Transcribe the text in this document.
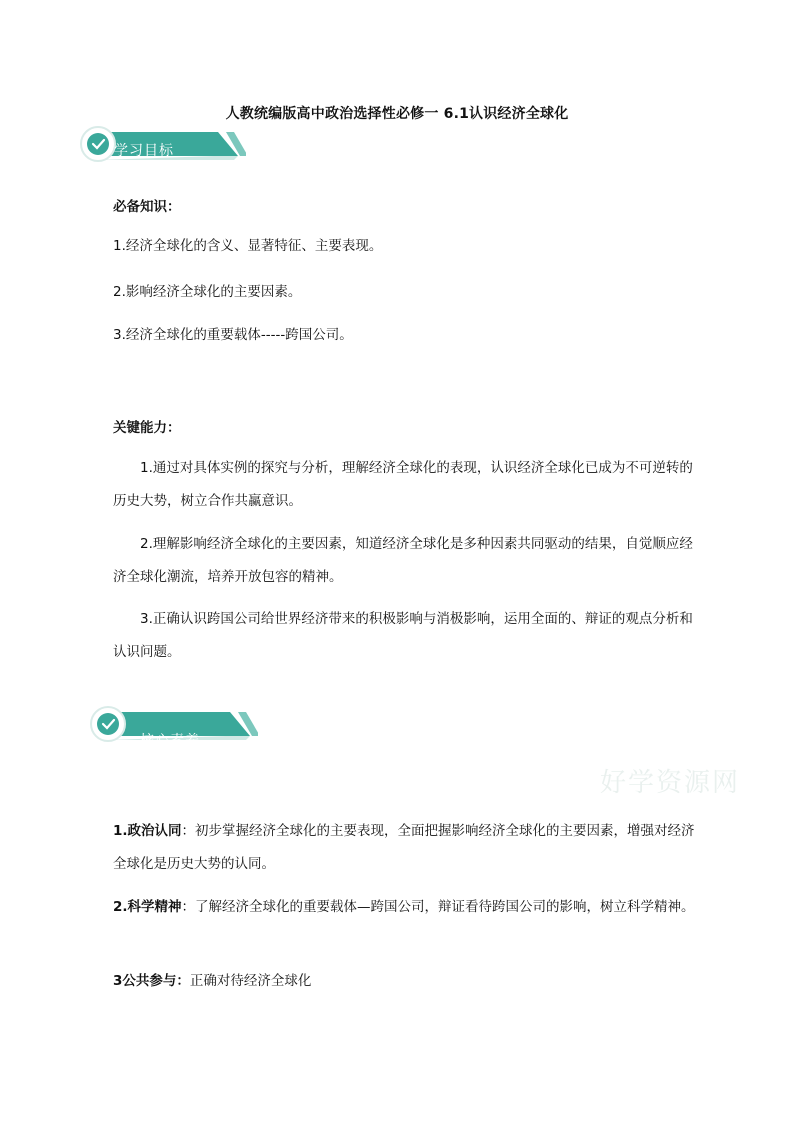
人教统编版高中政治选择性必修一 6.1认识经济全球化
学习目标
必备知识：
1.经济全球化的含义、显著特征、主要表现。
2.影响经济全球化的主要因素。
3.经济全球化的重要载体-----跨国公司。
关键能力：
1.通过对具体实例的探究与分析，理解经济全球化的表现，认识经济全球化已成为不可逆转的历史大势，树立合作共赢意识。
2.理解影响经济全球化的主要因素，知道经济全球化是多种因素共同驱动的结果，自觉顺应经济全球化潮流，培养开放包容的精神。
3.正确认识跨国公司给世界经济带来的积极影响与消极影响，运用全面的、辩证的观点分析和认识问题。
核心素养
好学资源网
1.政治认同：初步掌握经济全球化的主要表现，全面把握影响经济全球化的主要因素，增强对经济全球化是历史大势的认同。
2.科学精神：了解经济全球化的重要载体—跨国公司，辩证看待跨国公司的影响，树立科学精神。
3公共参与：正确对待经济全球化
